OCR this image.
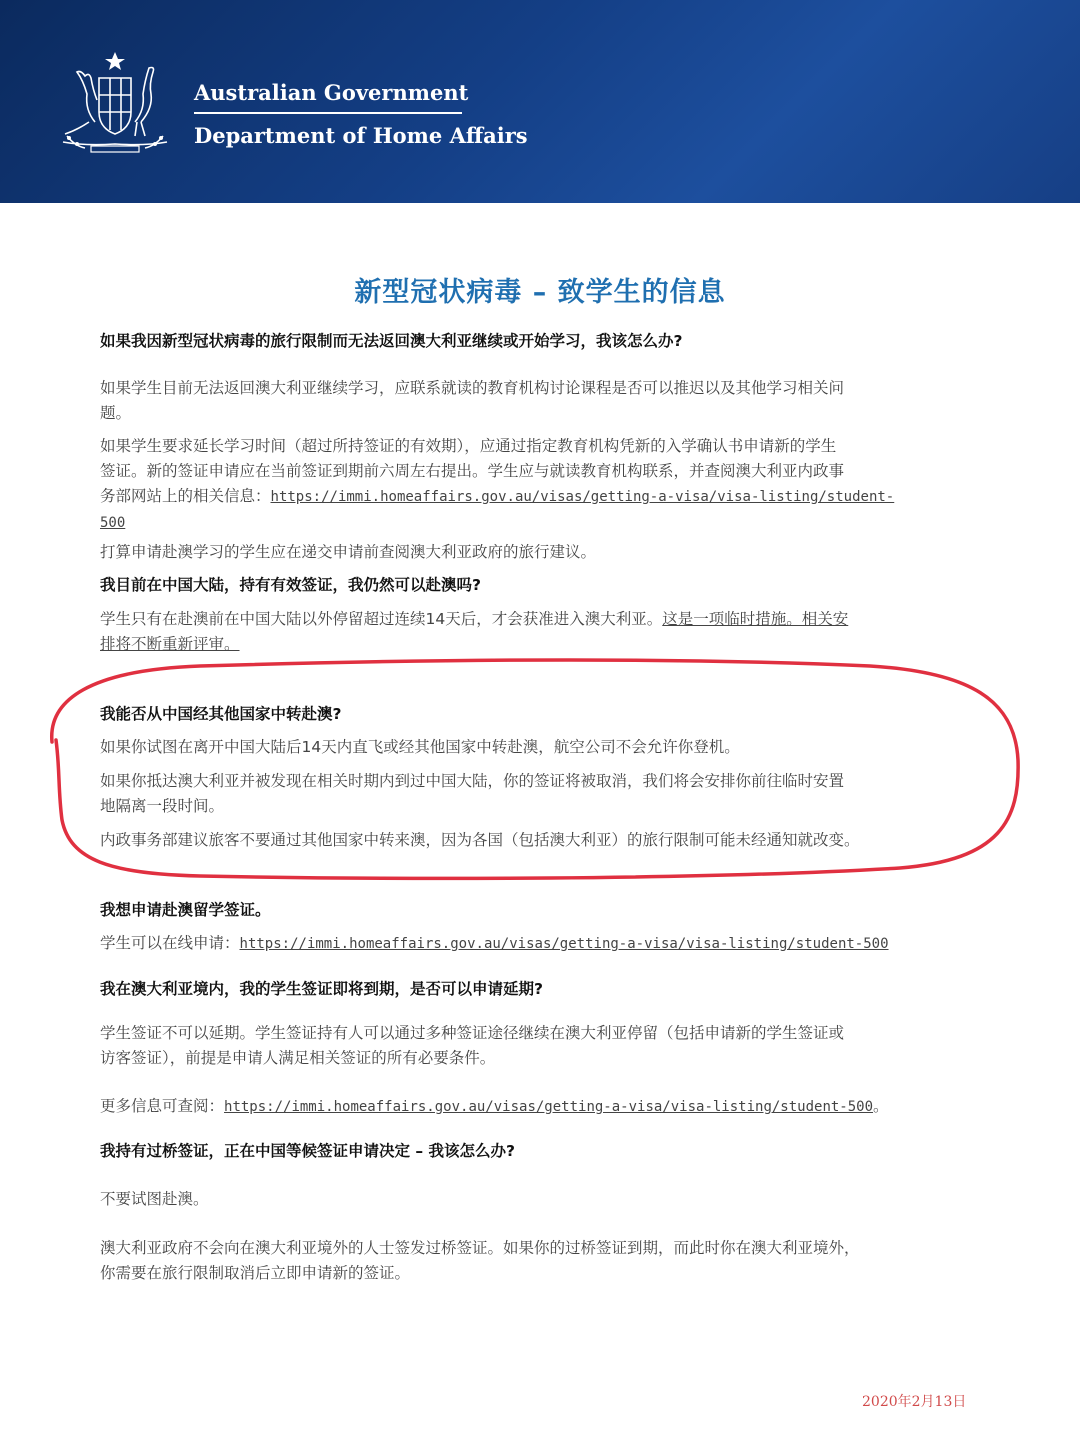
Australian Government
Department of Home Affairs
新型冠状病毒 – 致学生的信息
如果我因新型冠状病毒的旅行限制而无法返回澳大利亚继续或开始学习，我该怎么办?
如果学生目前无法返回澳大利亚继续学习，应联系就读的教育机构讨论课程是否可以推迟以及其他学习相关问
题。
如果学生要求延长学习时间（超过所持签证的有效期），应通过指定教育机构凭新的入学确认书申请新的学生
签证。新的签证申请应在当前签证到期前六周左右提出。学生应与就读教育机构联系，并查阅澳大利亚内政事
务部网站上的相关信息：https://immi.homeaffairs.gov.au/visas/getting-a-visa/visa-listing/student-
500
打算申请赴澳学习的学生应在递交申请前查阅澳大利亚政府的旅行建议。
我目前在中国大陆，持有有效签证，我仍然可以赴澳吗?
学生只有在赴澳前在中国大陆以外停留超过连续14天后，才会获准进入澳大利亚。这是一项临时措施。相关安
排将不断重新评审。
我能否从中国经其他国家中转赴澳?
如果你试图在离开中国大陆后14天内直飞或经其他国家中转赴澳，航空公司不会允许你登机。
如果你抵达澳大利亚并被发现在相关时期内到过中国大陆，你的签证将被取消，我们将会安排你前往临时安置
地隔离一段时间。
内政事务部建议旅客不要通过其他国家中转来澳，因为各国（包括澳大利亚）的旅行限制可能未经通知就改变。
我想申请赴澳留学签证。
学生可以在线申请：https://immi.homeaffairs.gov.au/visas/getting-a-visa/visa-listing/student-500
我在澳大利亚境内，我的学生签证即将到期，是否可以申请延期?
学生签证不可以延期。学生签证持有人可以通过多种签证途径继续在澳大利亚停留（包括申请新的学生签证或
访客签证），前提是申请人满足相关签证的所有必要条件。
更多信息可查阅：https://immi.homeaffairs.gov.au/visas/getting-a-visa/visa-listing/student-500。
我持有过桥签证，正在中国等候签证申请决定 – 我该怎么办?
不要试图赴澳。
澳大利亚政府不会向在澳大利亚境外的人士签发过桥签证。如果你的过桥签证到期，而此时你在澳大利亚境外，
你需要在旅行限制取消后立即申请新的签证。
2020年2月13日
